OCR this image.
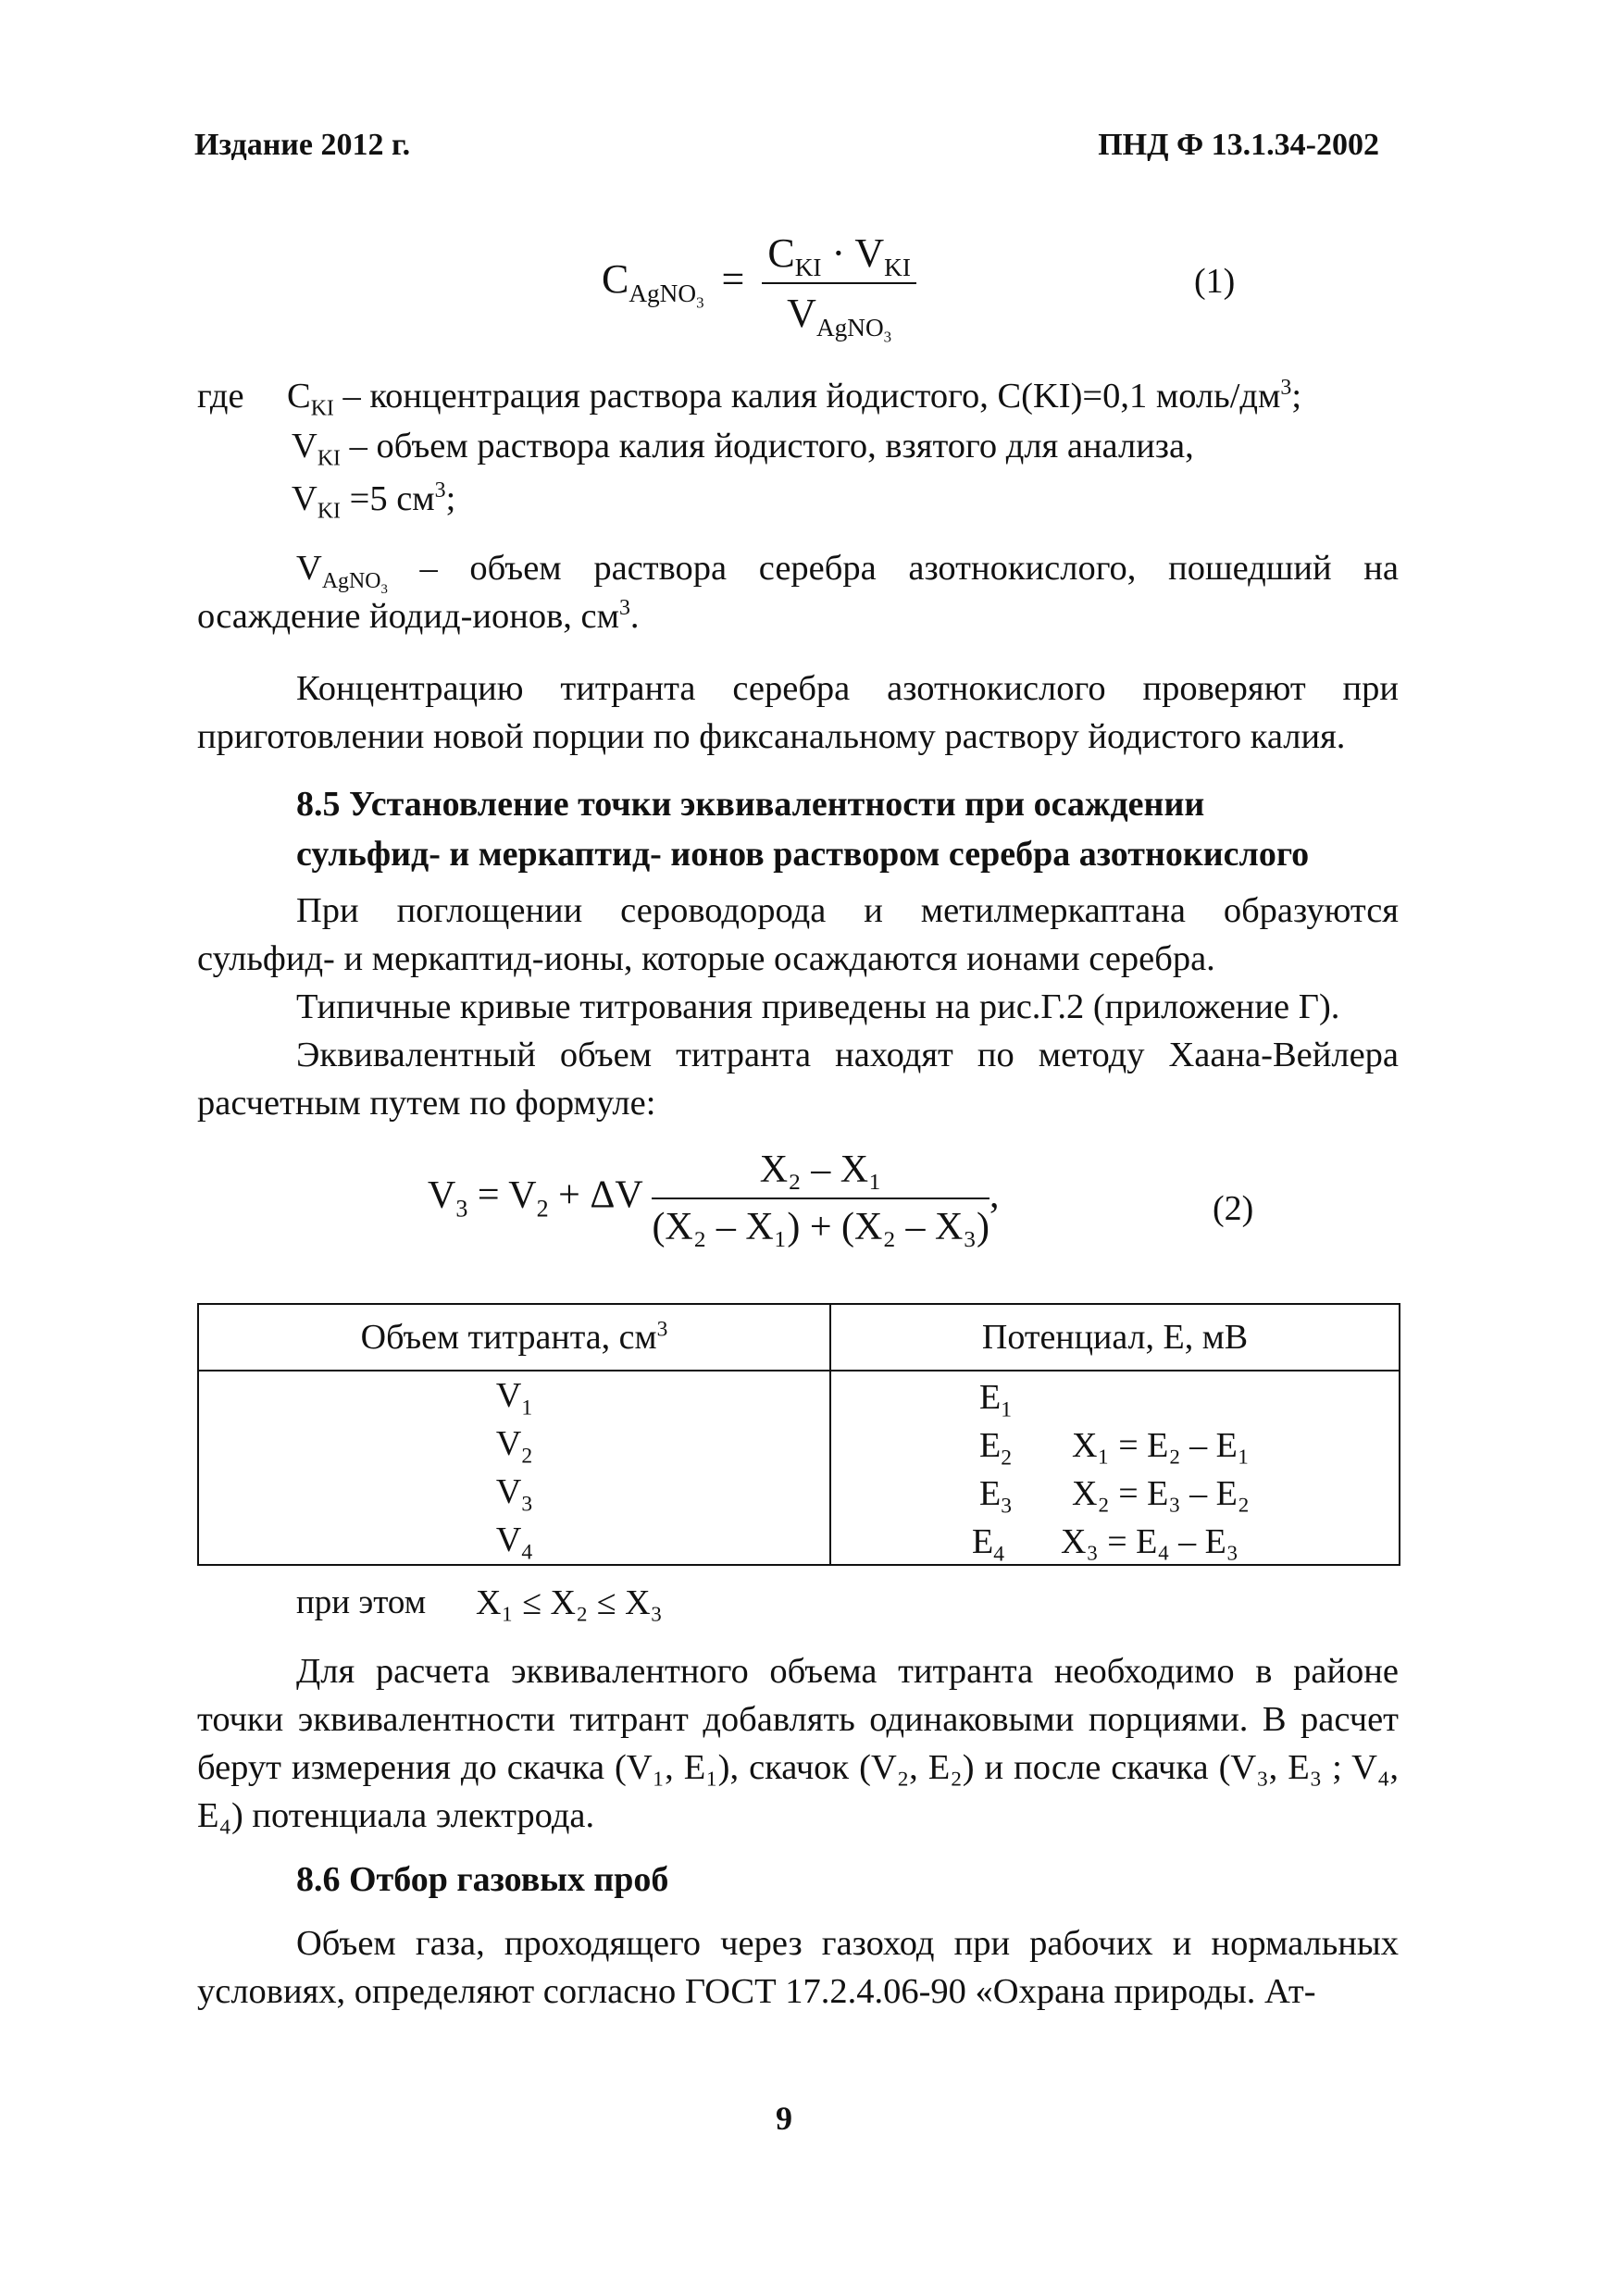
Издание 2012 г.	ПНД Ф 13.1.34-2002
$C_{AgNO_3} = \frac{C_{KI} \cdot V_{KI}}{V_{AgNO_3}}$	(1)
где $C_{KI}$ – концентрация раствора калия йодистого, C(KI)=0,1 моль/$дм^3$;
$V_{KI}$ – объем раствора калия йодистого, взятого для анализа,
$V_{KI} =5$ $см^3$;
$V_{AgNO_3}$ – объем раствора серебра азотнокислого, пошедший на осаждение йодид-ионов, $см^3$.
Концентрацию титранта серебра азотнокислого проверяют при приготовлении новой порции по фиксанальному раствору йодистого калия.
8.5 Установление точки эквивалентности при осаждении
сульфид- и меркаптид- ионов раствором серебра азотнокислого
При поглощении сероводорода и метилмеркаптана образуются сульфид- и меркаптид-ионы, которые осаждаются ионами серебра.
Типичные кривые титрования приведены на рис.Г.2 (приложение Г).
Эквивалентный объем титранта находят по методу Хаана-Вейлера расчетным путем по формуле:
$V_3 = V_2 + \Delta V \frac{\text{X₂ – X₁}}{\text{(X₂ – X₁) + (X₂ – X₃)}}$ ,	(2)
Объем титранта, $см^3$	Потенциал, E, мВ
$V_1$	$E_1$

$V_2$	$E_2$ X₁ = E₂ – E₁

$V_3$	$E_3$ X₂ = E₃ – E₂

$V_4$	$E_4$ X₃ = E₄ – E₃
при этом X₁ ≤ X₂ ≤ X₃
Для расчета эквивалентного объема титранта необходимо в районе точки эквивалентности титрант добавлять одинаковыми порциями. В расчет берут измерения до скачка (V₁, E₁), скачок (V₂, E₂) и после скачка (V₃, E₃ ; V₄, E₄) потенциала электрода.
8.6 Отбор газовых проб
Объем газа, проходящего через газоход при рабочих и нормальных условиях, определяют согласно ГОСТ 17.2.4.06-90 «Охрана природы. Ат-
9
